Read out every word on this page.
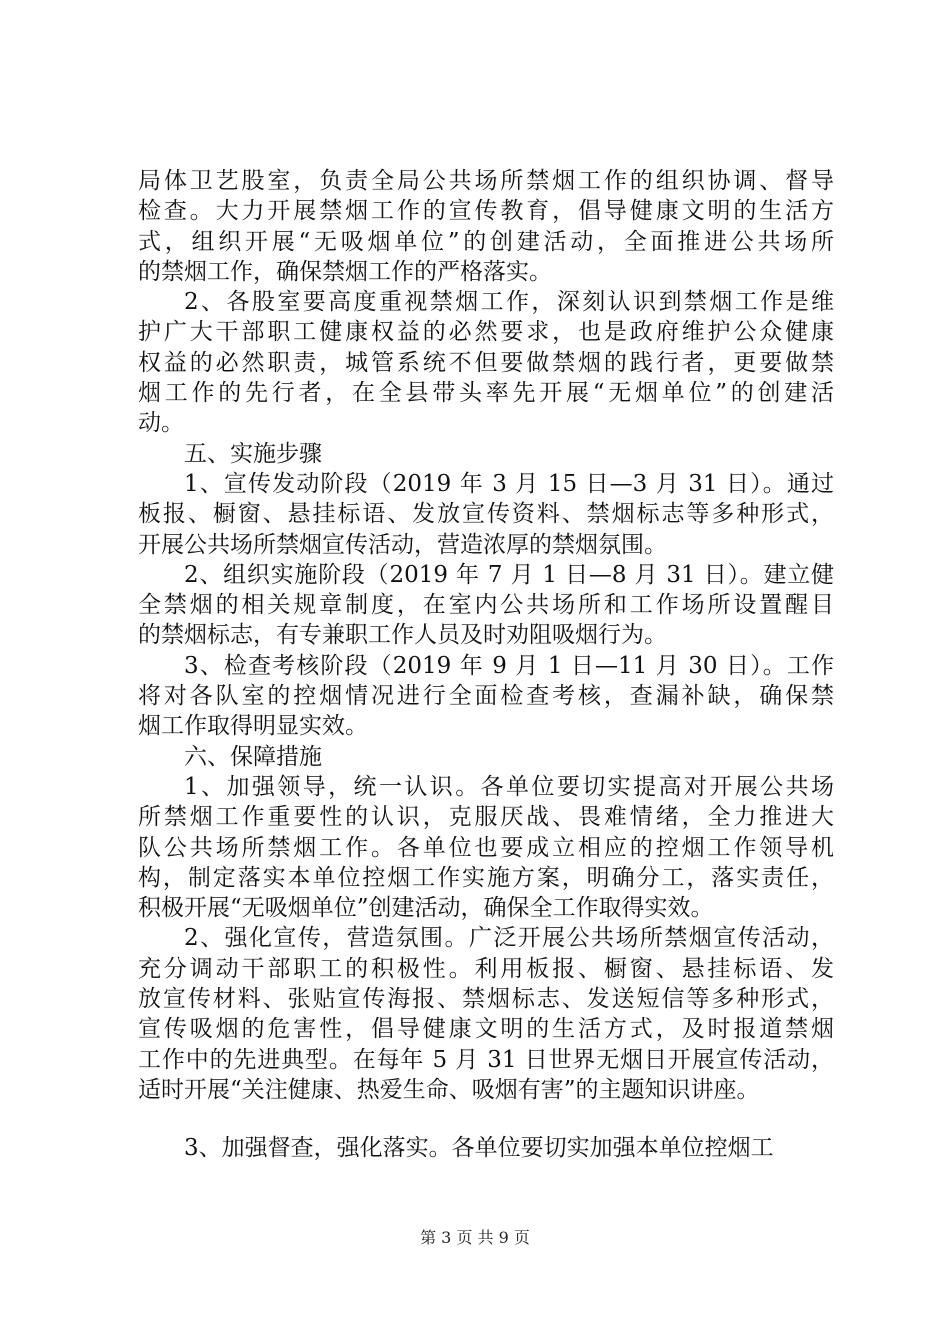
局体卫艺股室，负责全局公共场所禁烟工作的组织协调、督导
检查。大力开展禁烟工作的宣传教育，倡导健康文明的生活方
式，组织开展“无吸烟单位”的创建活动，全面推进公共场所
的禁烟工作，确保禁烟工作的严格落实。
2、各股室要高度重视禁烟工作，深刻认识到禁烟工作是维
护广大干部职工健康权益的必然要求，也是政府维护公众健康
权益的必然职责，城管系统不但要做禁烟的践行者，更要做禁
烟工作的先行者，在全县带头率先开展“无烟单位”的创建活
动。
五、实施步骤
1、宣传发动阶段（2019 年 3 月 15 日—3 月 31 日）。通过
板报、橱窗、悬挂标语、发放宣传资料、禁烟标志等多种形式，
开展公共场所禁烟宣传活动，营造浓厚的禁烟氛围。
2、组织实施阶段（2019 年 7 月 1 日—8 月 31 日）。建立健
全禁烟的相关规章制度，在室内公共场所和工作场所设置醒目
的禁烟标志，有专兼职工作人员及时劝阻吸烟行为。
3、检查考核阶段（2019 年 9 月 1 日—11 月 30 日）。工作
将对各队室的控烟情况进行全面检查考核，查漏补缺，确保禁
烟工作取得明显实效。
六、保障措施
1、加强领导，统一认识。各单位要切实提高对开展公共场
所禁烟工作重要性的认识，克服厌战、畏难情绪，全力推进大
队公共场所禁烟工作。各单位也要成立相应的控烟工作领导机
构，制定落实本单位控烟工作实施方案，明确分工，落实责任，
积极开展“无吸烟单位”创建活动，确保全工作取得实效。
2、强化宣传，营造氛围。广泛开展公共场所禁烟宣传活动，
充分调动干部职工的积极性。利用板报、橱窗、悬挂标语、发
放宣传材料、张贴宣传海报、禁烟标志、发送短信等多种形式，
宣传吸烟的危害性，倡导健康文明的生活方式，及时报道禁烟
工作中的先进典型。在每年 5 月 31 日世界无烟日开展宣传活动，
适时开展“关注健康、热爱生命、吸烟有害”的主题知识讲座。
3、加强督查，强化落实。各单位要切实加强本单位控烟工
第 3 页 共 9 页
